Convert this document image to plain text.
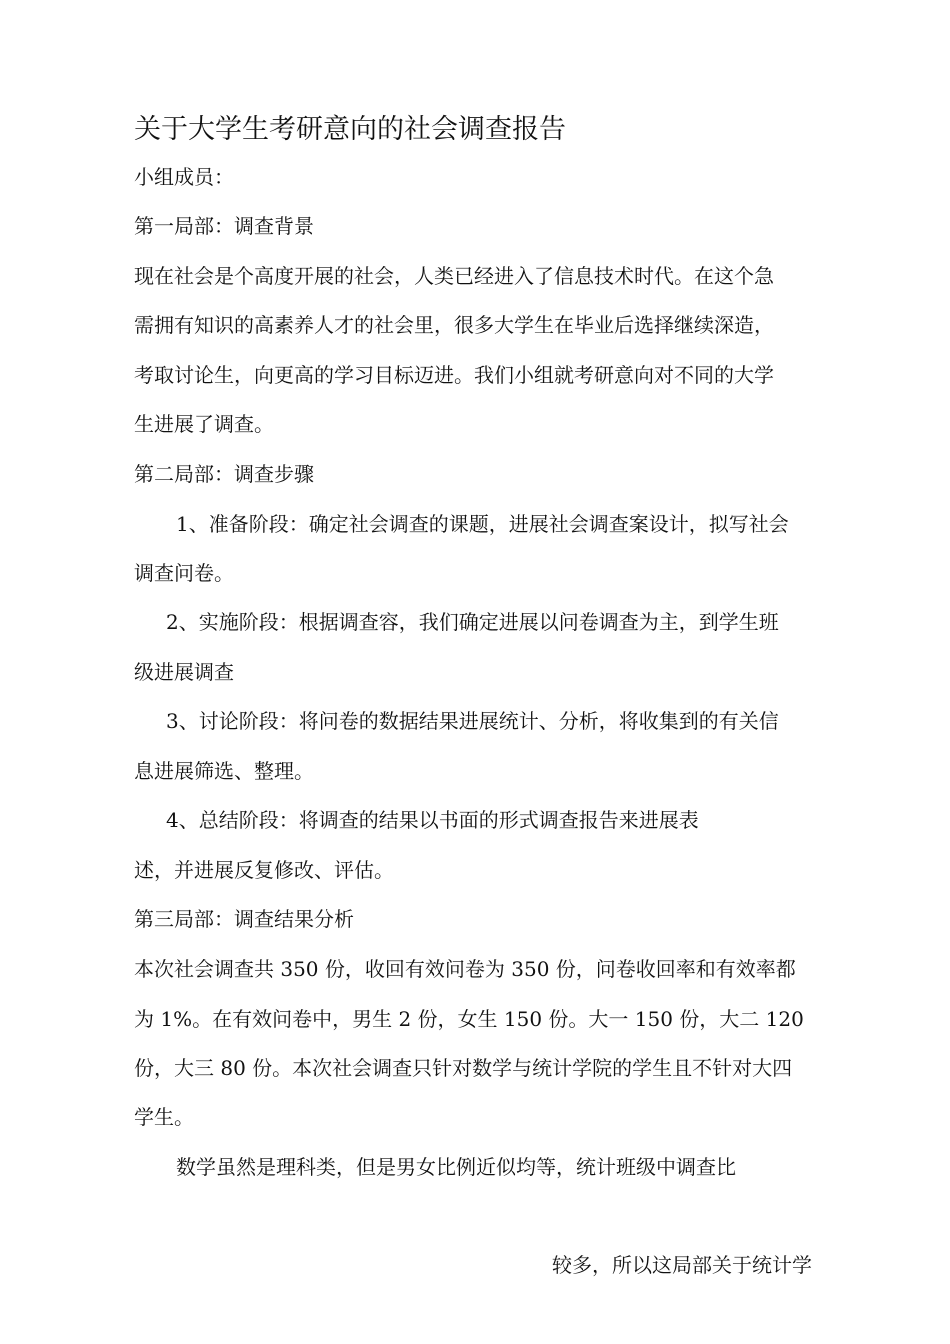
关于大学生考研意向的社会调查报告
小组成员：
第一局部：调查背景
现在社会是个高度开展的社会，人类已经进入了信息技术时代。在这个急
需拥有知识的高素养人才的社会里，很多大学生在毕业后选择继续深造，
考取讨论生，向更高的学习目标迈进。我们小组就考研意向对不同的大学
生进展了调查。
第二局部：调查步骤
1、准备阶段：确定社会调查的课题，进展社会调查案设计，拟写社会
调查问卷。
2、实施阶段：根据调查容，我们确定进展以问卷调查为主，到学生班
级进展调查
3、讨论阶段：将问卷的数据结果进展统计、分析，将收集到的有关信
息进展筛选、整理。
4、总结阶段：将调查的结果以书面的形式调查报告来进展表
述，并进展反复修改、评估。
第三局部：调查结果分析
本次社会调查共 350 份，收回有效问卷为 350 份，问卷收回率和有效率都
为 1%。在有效问卷中，男生 2 份，女生 150 份。大一 150 份，大二 120
份，大三 80 份。本次社会调查只针对数学与统计学院的学生且不针对大四
学生。
数学虽然是理科类，但是男女比例近似均等，统计班级中调查比
较多，所以这局部关于统计学
